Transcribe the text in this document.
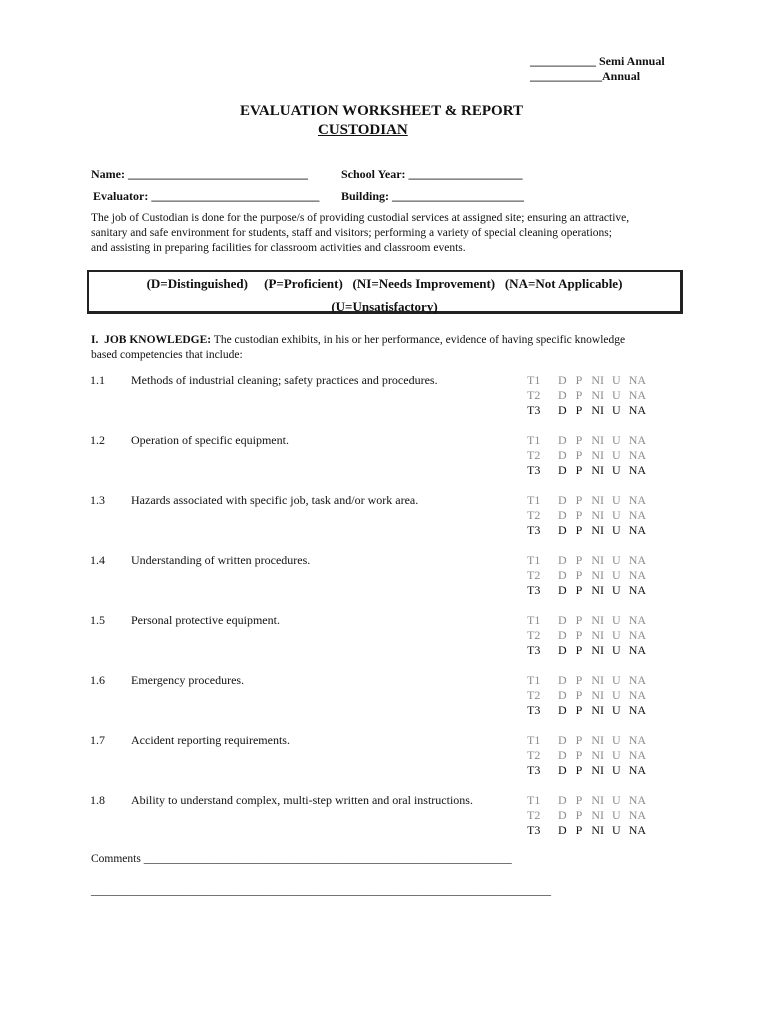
___________ Semi Annual
____________Annual
EVALUATION WORKSHEET & REPORT
CUSTODIAN
Name: ______________________________	School Year: ___________________
Evaluator: ____________________________ Building: ______________________
The job of Custodian is done for the purpose/s of providing custodial services at assigned site; ensuring an attractive,
sanitary and safe environment for students, staff and visitors; performing a variety of special cleaning operations;
and assisting in preparing facilities for classroom activities and classroom events.
(D=Distinguished)     (P=Proficient)   (NI=Needs Improvement)   (NA=Not Applicable)
(U=Unsatisfactory)
I.  JOB KNOWLEDGE: The custodian exhibits, in his or her performance, evidence of having specific knowledge
based competencies that include:
1.1 Methods of industrial cleaning; safety practices and procedures.	T1 D P NI U NA
T2 D P NI U NA
T3 D P NI U NA
1.2 Operation of specific equipment.	T1 D P NI U NA
T2 D P NI U NA
T3 D P NI U NA
1.3 Hazards associated with specific job, task and/or work area.	T1 D P NI U NA
T2 D P NI U NA
T3 D P NI U NA
1.4 Understanding of written procedures.	T1 D P NI U NA
T2 D P NI U NA
T3 D P NI U NA
1.5 Personal protective equipment.	T1 D P NI U NA
T2 D P NI U NA
T3 D P NI U NA
1.6 Emergency procedures.	T1 D P NI U NA
T2 D P NI U NA
T3 D P NI U NA
1.7 Accident reporting requirements.	T1 D P NI U NA
T2 D P NI U NA
T3 D P NI U NA
1.8 Ability to understand complex, multi-step written and oral instructions.	T1 D P NI U NA
T2 D P NI U NA
T3 D P NI U NA
Comments ________________________________________________________________
________________________________________________________________________________
